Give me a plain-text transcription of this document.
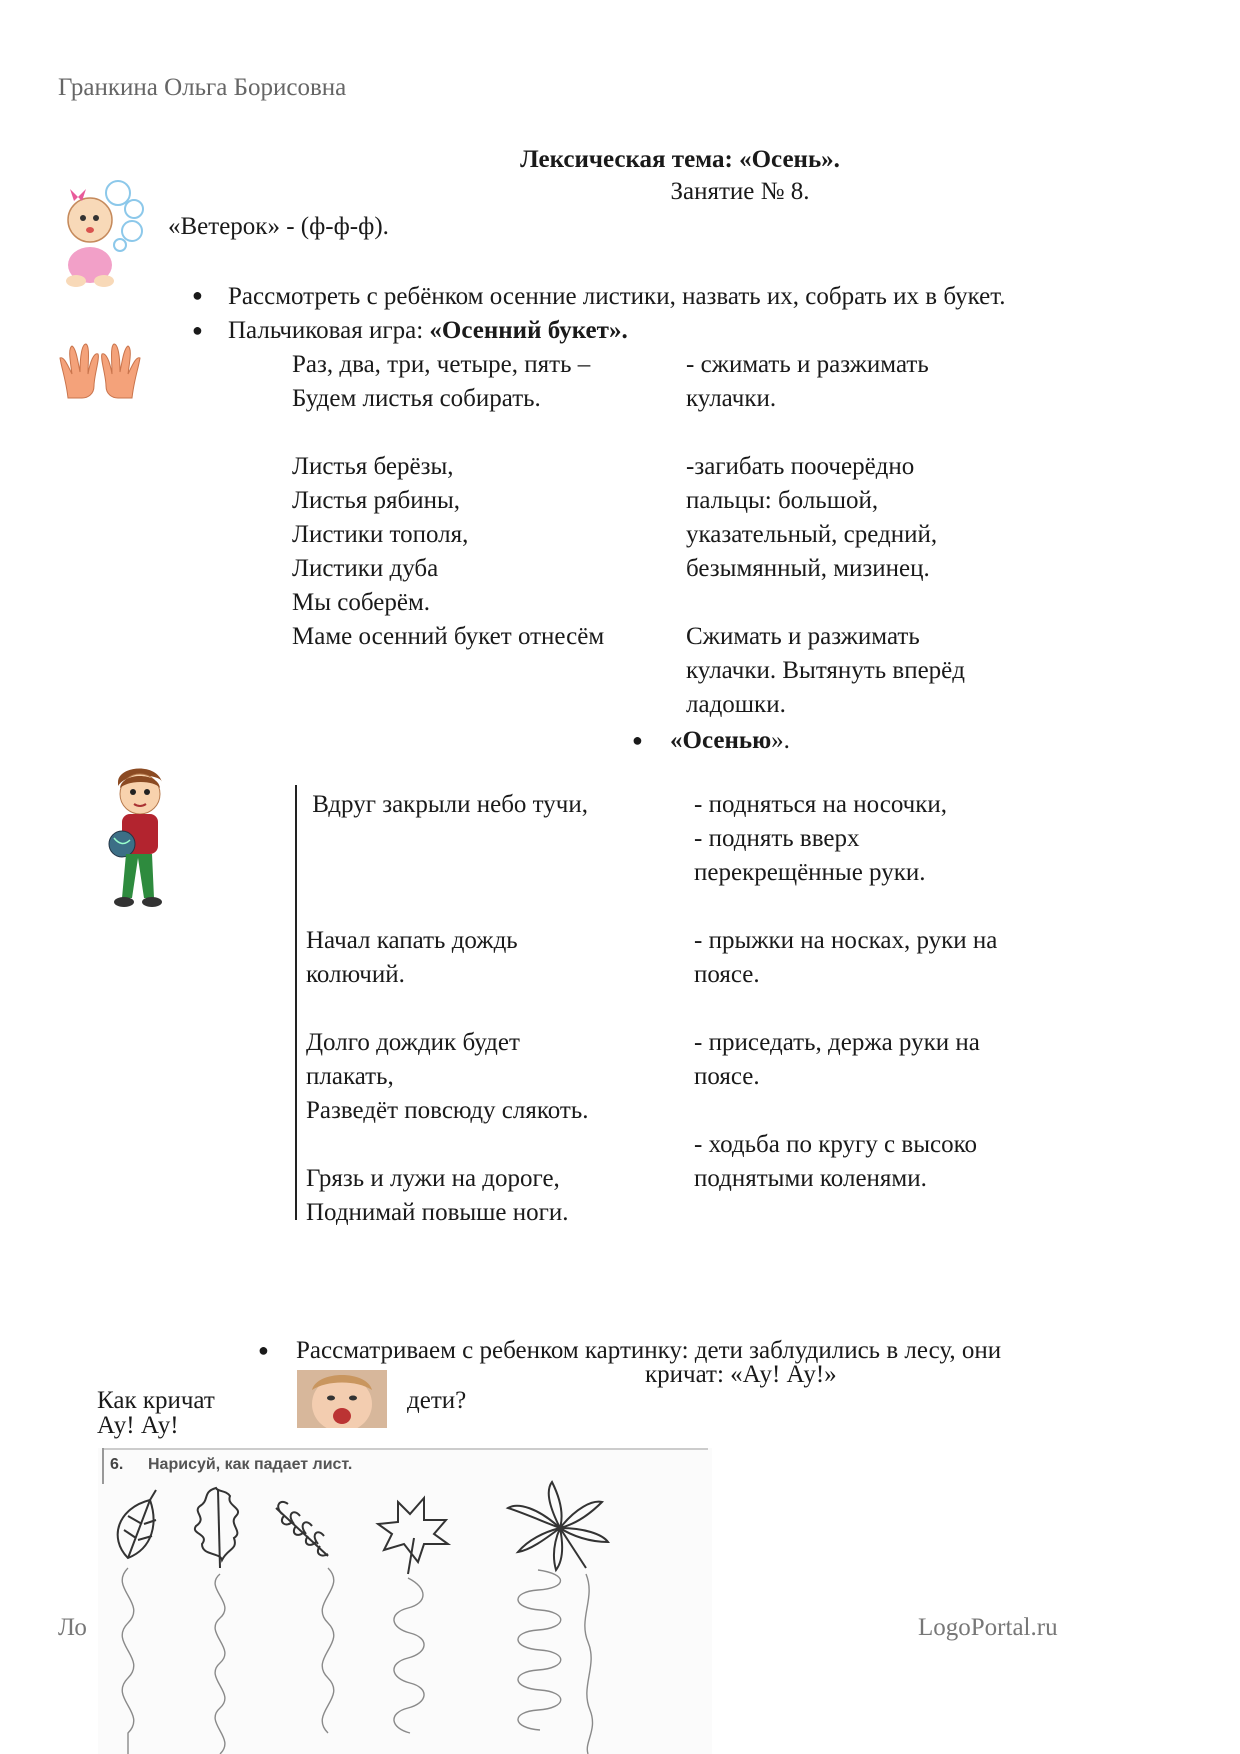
Гранкина Ольга Борисовна
Лексическая тема: «Осень».
Занятие № 8.
«Ветерок» - (ф-ф-ф).
● Рассмотреть с ребёнком осенние листики, назвать их, собрать их в букет.
● Пальчиковая игра: «Осенний букет».
Раз, два, три, четыре, пять –
Будем листья собирать.

Листья берёзы,
Листья рябины,
Листики тополя,
Листики дуба
Мы соберём.
Маме осенний букет отнесём
- сжимать и разжимать
кулачки.

-загибать поочерёдно
пальцы: большой,
указательный, средний,
безымянный, мизинец.

Сжимать и разжимать
кулачки. Вытянуть вперёд
ладошки.
● «Осенью».
Вдруг закрыли небо тучи,

Начал капать дождь
колючий.

Долго дождик будет
плакать,
Разведёт повсюду слякоть.

Грязь и лужи на дороге,
Поднимай повыше ноги.
- подняться на носочки,
- поднять вверх
перекрещённые руки.

- прыжки на носках, руки на
поясе.

- приседать, держа руки на
поясе.

- ходьба по кругу с высоко
поднятыми коленями.
● Рассматриваем с ребенком картинку: дети заблудились в лесу, они
кричат: «Ау! Ау!»
Как кричат
Ау! Ау!
дети?
6. Нарисуй, как падает лист.
Ло	LogoPortal.ru
